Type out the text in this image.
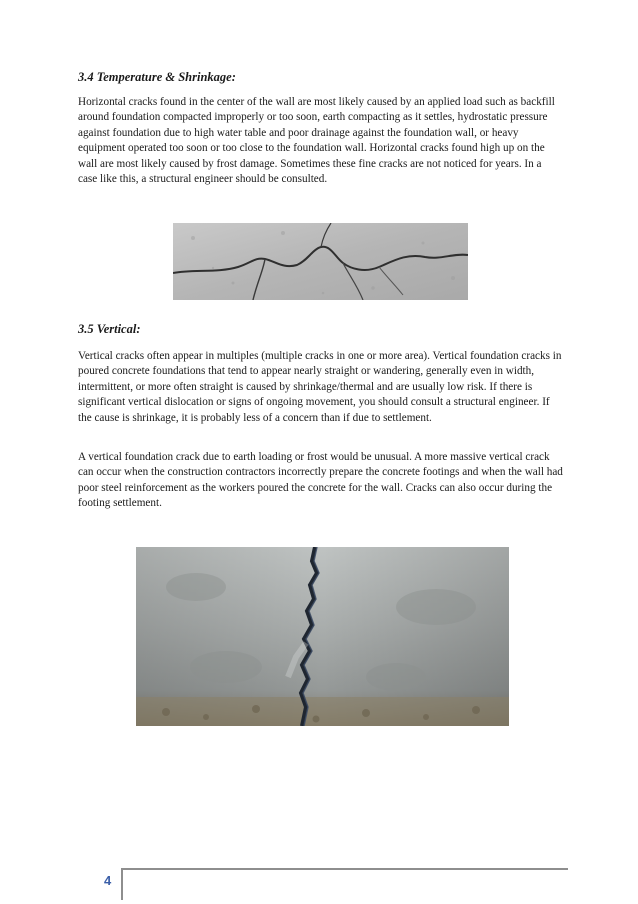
3.4 Temperature & Shrinkage:

Horizontal cracks found in the center of the wall are most likely caused by an applied load such as backfill around foundation compacted improperly or too soon, earth compacting as it settles, hydrostatic pressure against foundation due to high water table and poor drainage against the foundation wall, or heavy equipment operated too soon or too close to the foundation wall. Horizontal cracks found high up on the wall are most likely caused by frost damage. Sometimes these fine cracks are not noticed for years. In a case like this, a structural engineer should be consulted.

3.5 Vertical:

Vertical cracks often appear in multiples (multiple cracks in one or more area). Vertical foundation cracks in poured concrete foundations that tend to appear nearly straight or wandering, generally even in width, intermittent, or more often straight is caused by shrinkage/thermal and are usually low risk. If there is significant vertical dislocation or signs of ongoing movement, you should consult a structural engineer. If the cause is shrinkage, it is probably less of a concern than if due to settlement.

A vertical foundation crack due to earth loading or frost would be unusual. A more massive vertical crack can occur when the construction contractors incorrectly prepare the concrete footings and when the wall had poor steel reinforcement as the workers poured the concrete for the wall. Cracks can also occur during the footing settlement.

4
